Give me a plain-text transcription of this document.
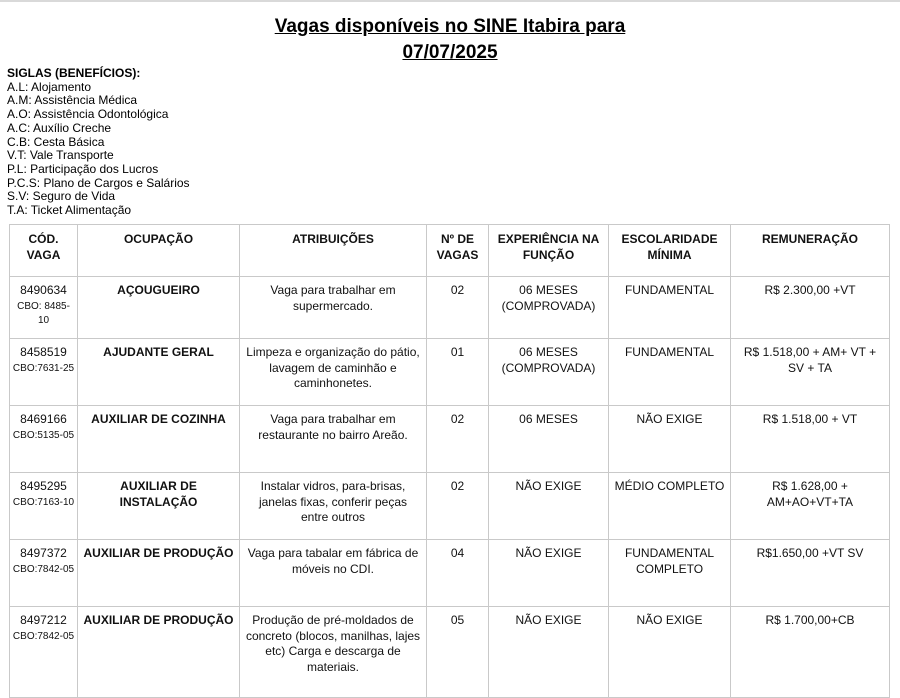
Vagas disponíveis no SINE Itabira para
07/07/2025
SIGLAS (BENEFÍCIOS):
A.L: Alojamento
A.M: Assistência Médica
A.O: Assistência Odontológica
A.C: Auxílio Creche
C.B: Cesta Básica
V.T: Vale Transporte
P.L: Participação dos Lucros
P.C.S: Plano de Cargos e Salários
S.V: Seguro de Vida
T.A: Ticket Alimentação
CÓD. VAGA	OCUPAÇÃO	ATRIBUIÇÕES	Nº DE VAGAS	EXPERIÊNCIA NA FUNÇÃO	ESCOLARIDADE MÍNIMA	REMUNERAÇÃO

8490634
CBO: 8485-10	AÇOUGUEIRO	Vaga para trabalhar em supermercado.	02	06 MESES (COMPROVADA)	FUNDAMENTAL	R$ 2.300,00 +VT

8458519
CBO:7631-25	AJUDANTE GERAL	Limpeza e organização do pátio, lavagem de caminhão e caminhonetes.	01	06 MESES (COMPROVADA)	FUNDAMENTAL	R$ 1.518,00 + AM+ VT + SV + TA

8469166
CBO:5135-05	AUXILIAR DE COZINHA	Vaga para trabalhar em restaurante no bairro Areão.	02	06 MESES	NÃO EXIGE	R$ 1.518,00 + VT

8495295
CBO:7163-10	AUXILIAR DE INSTALAÇÃO	Instalar vidros, para-brisas, janelas fixas, conferir peças entre outros	02	NÃO EXIGE	MÉDIO COMPLETO	R$ 1.628,00 + AM+AO+VT+TA

8497372
CBO:7842-05	AUXILIAR DE PRODUÇÃO	Vaga para tabalar em fábrica de móveis no CDI.	04	NÃO EXIGE	FUNDAMENTAL COMPLETO	R$1.650,00 +VT SV

8497212
CBO:7842-05	AUXILIAR DE PRODUÇÃO	Produção de pré-moldados de concreto (blocos, manilhas, lajes etc) Carga e descarga de materiais.	05	NÃO EXIGE	NÃO EXIGE	R$ 1.700,00+CB
